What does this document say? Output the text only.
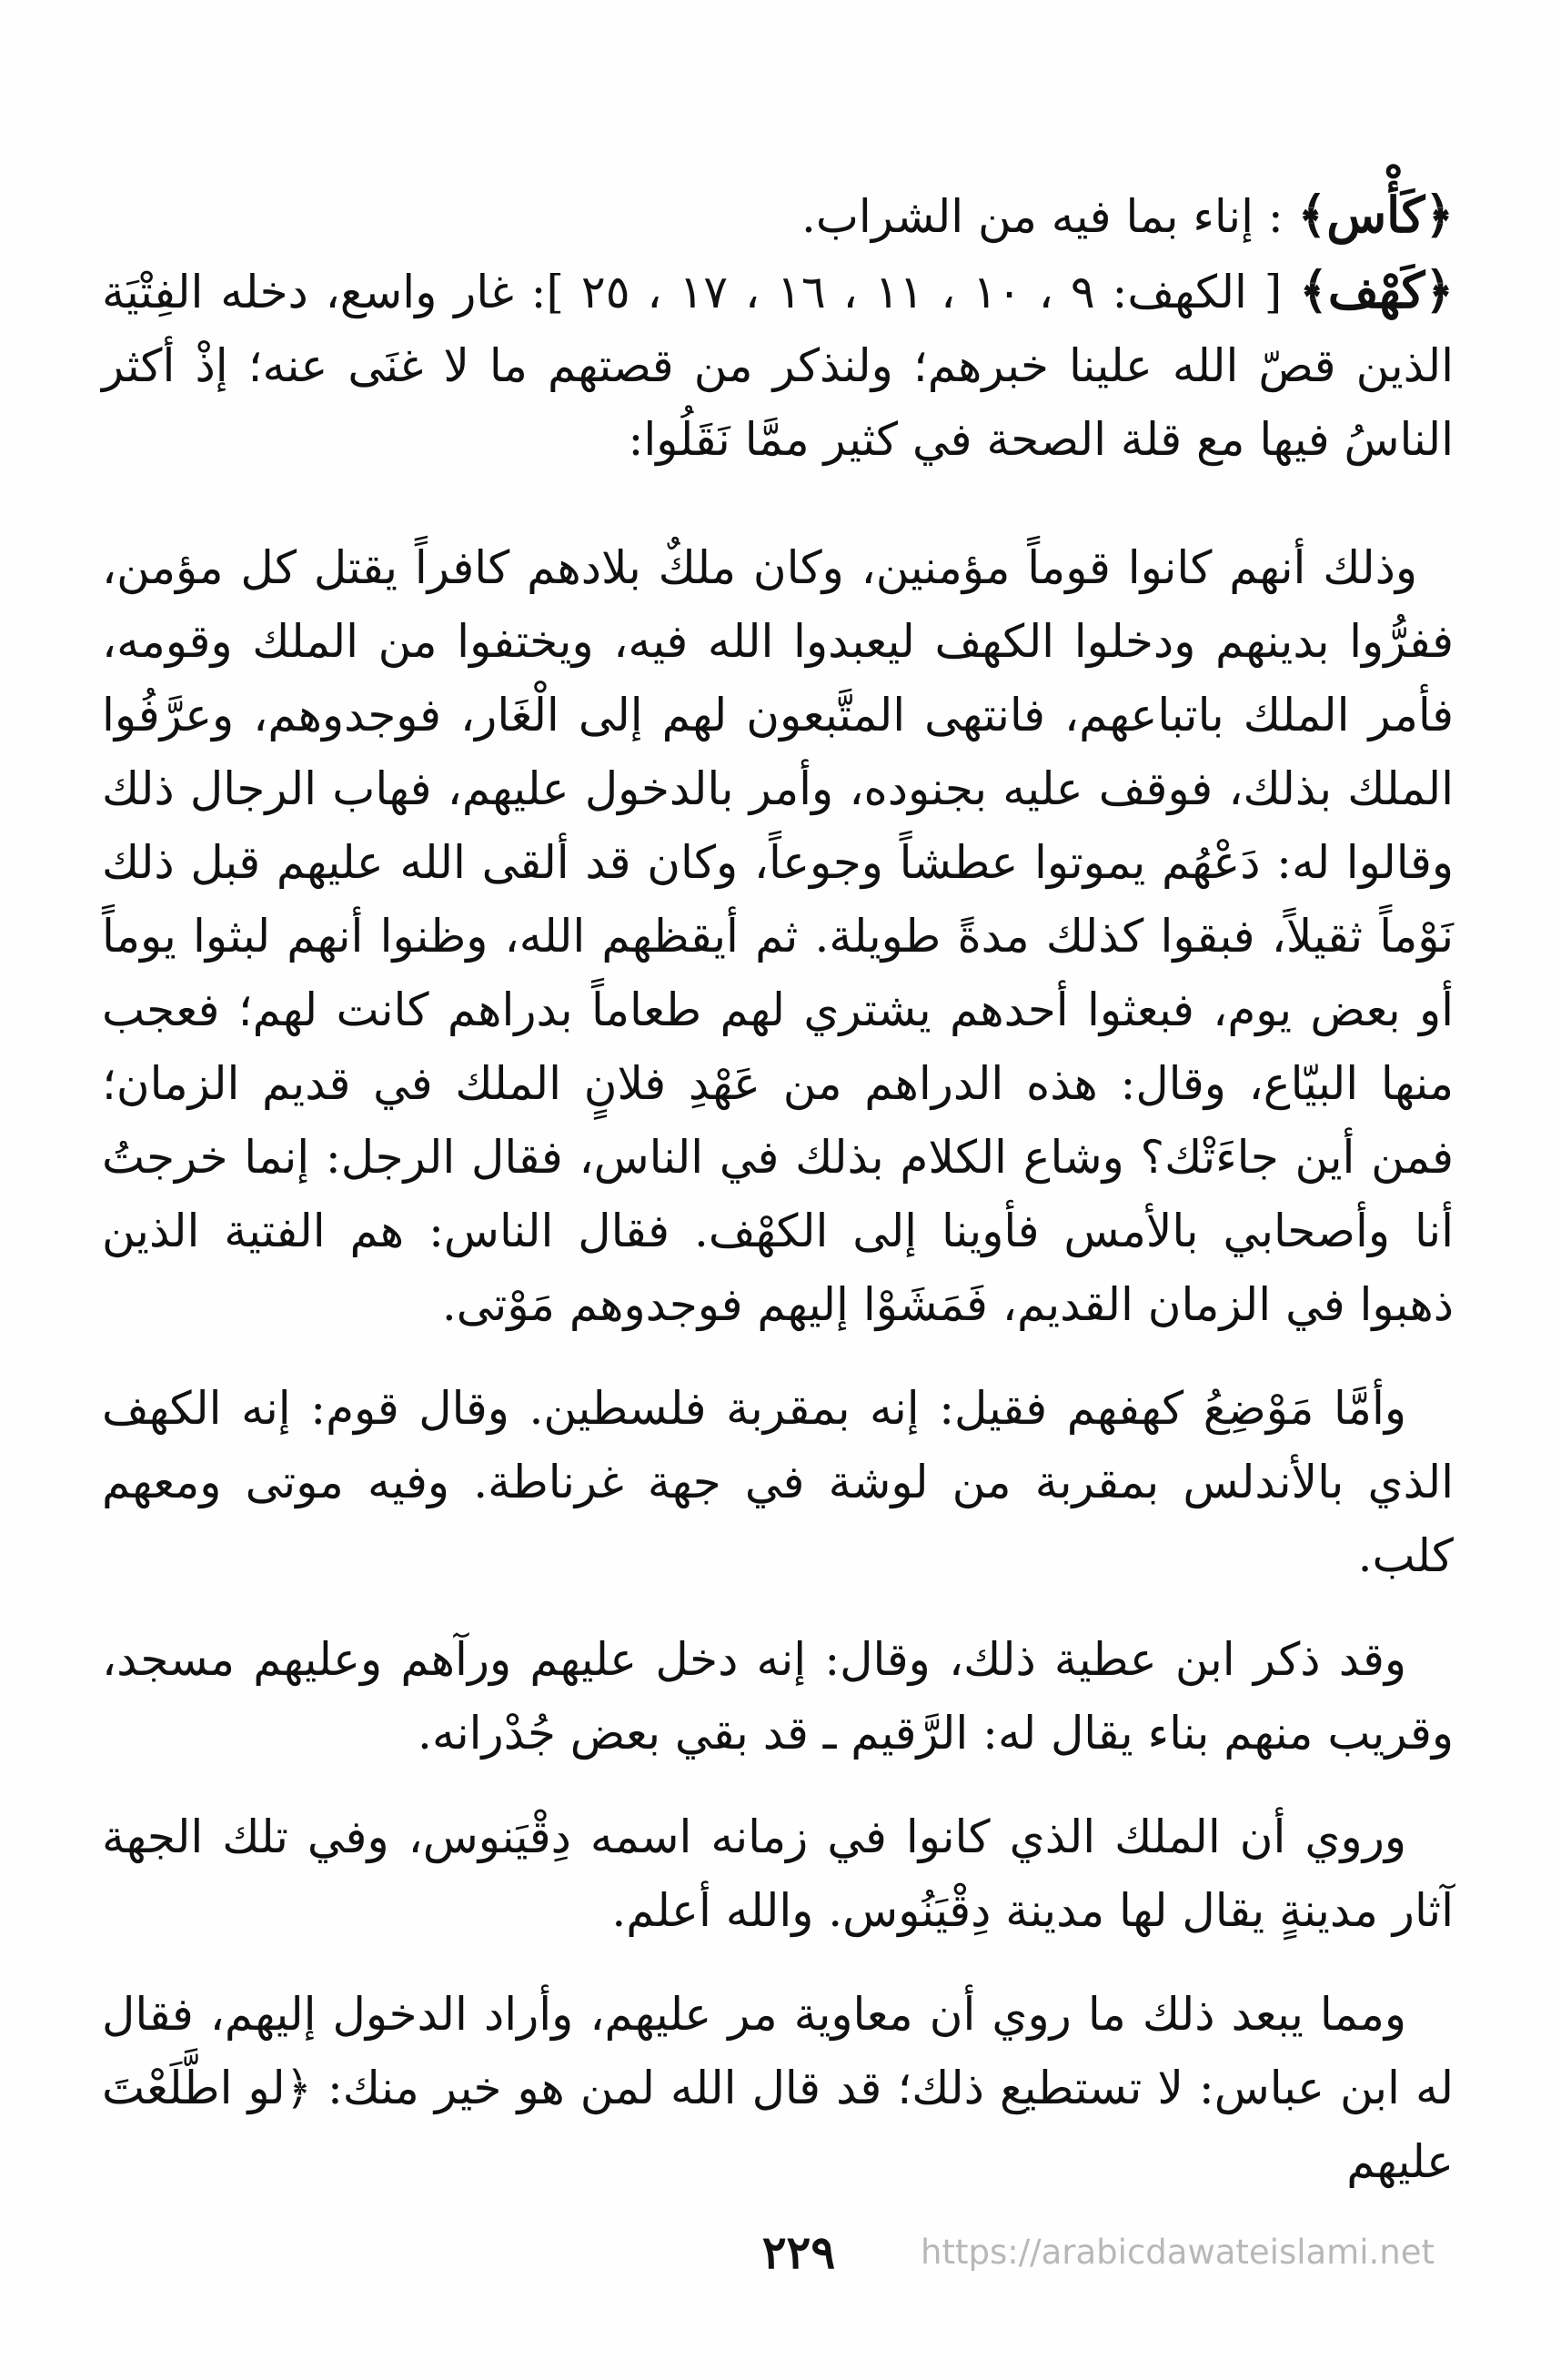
﴿كَأْس﴾ : إناء بما فيه من الشراب.

﴿كَهْف﴾ [ الكهف: ٩ ، ١٠ ، ١١ ، ١٦ ، ١٧ ، ٢٥ ]: غار واسع، دخله الفِتْيَة الذين قصّ الله علينا خبرهم؛ ولنذكر من قصتهم ما لا غنَى عنه؛ إذْ أكثر الناسُ فيها مع قلة الصحة في كثير ممَّا نَقَلُوا:

وذلك أنهم كانوا قوماً مؤمنين، وكان ملكٌ بلادهم كافراً يقتل كل مؤمن، ففرُّوا بدينهم ودخلوا الكهف ليعبدوا الله فيه، ويختفوا من الملك وقومه، فأمر الملك باتباعهم، فانتهى المتَّبعون لهم إلى الْغَار، فوجدوهم، وعرَّفُوا الملك بذلك، فوقف عليه بجنوده، وأمر بالدخول عليهم، فهاب الرجال ذلك وقالوا له: دَعْهُم يموتوا عطشاً وجوعاً، وكان قد ألقى الله عليهم قبل ذلك نَوْماً ثقيلاً، فبقوا كذلك مدةً طويلة. ثم أيقظهم الله، وظنوا أنهم لبثوا يوماً أو بعض يوم، فبعثوا أحدهم يشتري لهم طعاماً بدراهم كانت لهم؛ فعجب منها البيّاع، وقال: هذه الدراهم من عَهْدِ فلانٍ الملك في قديم الزمان؛ فمن أين جاءَتْك؟ وشاع الكلام بذلك في الناس، فقال الرجل: إنما خرجتُ أنا وأصحابي بالأمس فأوينا إلى الكهْف. فقال الناس: هم الفتية الذين ذهبوا في الزمان القديم، فَمَشَوْا إليهم فوجدوهم مَوْتى.

وأمَّا مَوْضِعُ كهفهم فقيل: إنه بمقربة فلسطين. وقال قوم: إنه الكهف الذي بالأندلس بمقربة من لوشة في جهة غرناطة. وفيه موتى ومعهم كلب.

وقد ذكر ابن عطية ذلك، وقال: إنه دخل عليهم ورآهم وعليهم مسجد، وقريب منهم بناء يقال له: الرَّقيم ـ قد بقي بعض جُدْرانه.

وروي أن الملك الذي كانوا في زمانه اسمه دِقْيَنوس، وفي تلك الجهة آثار مدينةٍ يقال لها مدينة دِقْيَنُوس. والله أعلم.

ومما يبعد ذلك ما روي أن معاوية مر عليهم، وأراد الدخول إليهم، فقال له ابن عباس: لا تستطيع ذلك؛ قد قال الله لمن هو خير منك: ﴿لو اطَّلَعْتَ عليهم

٢٢٩	https://arabicdawateislami.net
